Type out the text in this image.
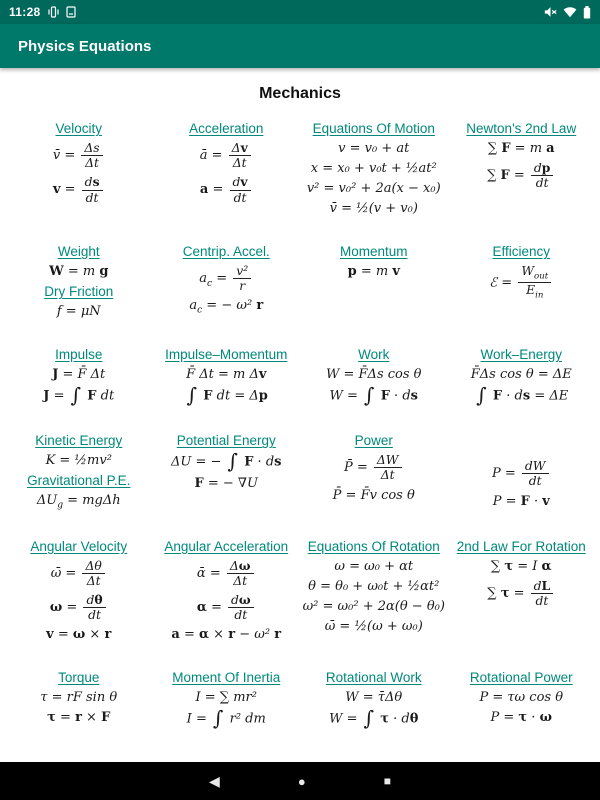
11:28
Physics Equations
Mechanics
Velocity
v̄ = $\frac{\Delta s}{\Delta t}$
$v = \frac{ds}{dt}$
Acceleration
ā = $\frac{\Delta v}{\Delta t}$
$a = \frac{dv}{dt}$
Equations Of Motion
v = v₀ + at
x = x₀ + v₀t + ½at²
v² = v₀² + 2a(x − x₀)
v̄ = ½(v + v₀)
Newton's 2nd Law
∑ F = m a
∑ $F = \frac{dp}{dt}$
Weight
W = m g
Dry Friction
f = μN
Centrip. Accel.
$a_c = \frac{\text{v²}}{r}$
$a_c$ = − ω² r
Momentum
p = m v
Efficiency
ℰ = $\frac{W_{out}}{E_{in}}$
Impulse
J = F̄ Δt
J = ∫ F dt
Impulse–Momentum
F̄ Δt = m Δv
∫ F dt = Δp
Work
W = F̄Δs cos θ
W = ∫ F · ds
Work–Energy
F̄Δs cos θ = ΔE
∫ F · ds = ΔE
Kinetic Energy
K = ½mv²
Gravitational P.E.
$\Delta U_g = mg\Delta h$
Potential Energy
ΔU = − ∫ F · ds
F = − ∇U
Power
P̄ = $\frac{\Delta W}{\Delta t}$
P̄ = F̄v cos θ
$P = \frac{dW}{dt}$
P = F · v
Angular Velocity
ω̄ = $\frac{\Delta\theta}{\Delta t}$
$\omega = \frac{d\theta}{dt}$
v = ω × r
Angular Acceleration
ᾱ = $\frac{\Delta\omega}{\Delta t}$
$\alpha = \frac{d\omega}{dt}$
a = α × r − ω² r
Equations Of Rotation
ω = ω₀ + αt
θ = θ₀ + ω₀t + ½αt²
ω² = ω₀² + 2α(θ − θ₀)
ω̄ = ½(ω + ω₀)
2nd Law For Rotation
∑ τ = I α
∑ $\tau = \frac{dL}{dt}$
Torque
τ = rF sin θ
τ = r × F
Moment Of Inertia
I = ∑ mr²
I = ∫ r² dm
Rotational Work
W = τ̄Δθ
W = ∫ τ · dθ
Rotational Power
P = τω cos θ
P = τ · ω
◀	●	■
